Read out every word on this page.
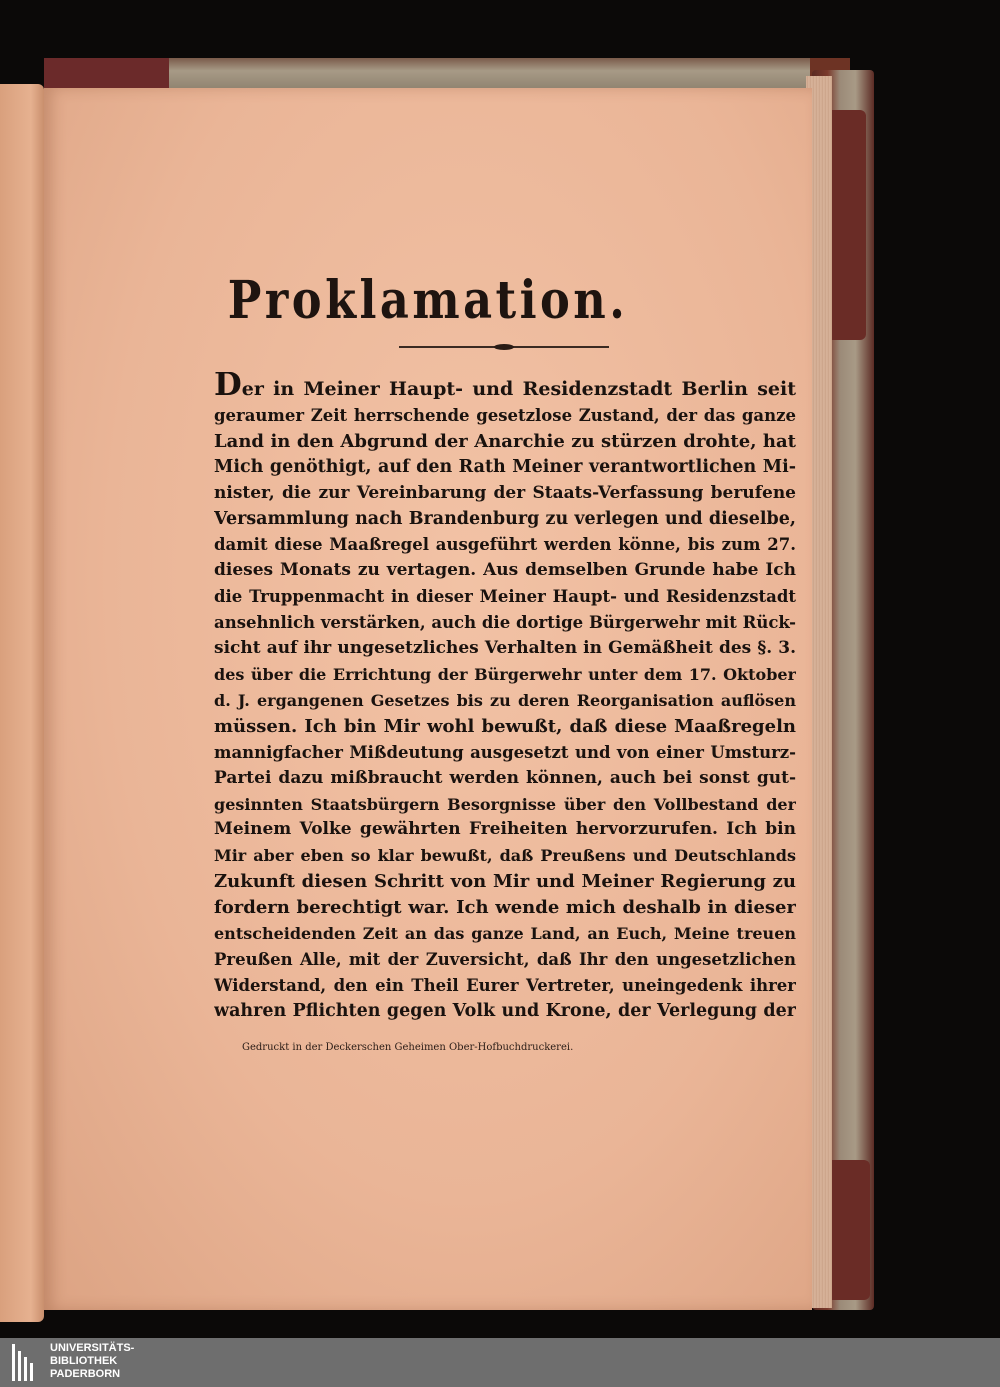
Proklamation.
Der in Meiner Haupt- und Residenzstadt Berlin seit
geraumer Zeit herrschende gesetzlose Zustand, der das ganze
Land in den Abgrund der Anarchie zu stürzen drohte, hat
Mich genöthigt, auf den Rath Meiner verantwortlichen Mi-
nister, die zur Vereinbarung der Staats-Verfassung berufene
Versammlung nach Brandenburg zu verlegen und dieselbe,
damit diese Maaßregel ausgeführt werden könne, bis zum 27.
dieses Monats zu vertagen. Aus demselben Grunde habe Ich
die Truppenmacht in dieser Meiner Haupt- und Residenzstadt
ansehnlich verstärken, auch die dortige Bürgerwehr mit Rück-
sicht auf ihr ungesetzliches Verhalten in Gemäßheit des §. 3.
des über die Errichtung der Bürgerwehr unter dem 17. Oktober
d. J. ergangenen Gesetzes bis zu deren Reorganisation auflösen
müssen. Ich bin Mir wohl bewußt, daß diese Maaßregeln
mannigfacher Mißdeutung ausgesetzt und von einer Umsturz-
Partei dazu mißbraucht werden können, auch bei sonst gut-
gesinnten Staatsbürgern Besorgnisse über den Vollbestand der
Meinem Volke gewährten Freiheiten hervorzurufen. Ich bin
Mir aber eben so klar bewußt, daß Preußens und Deutschlands
Zukunft diesen Schritt von Mir und Meiner Regierung zu
fordern berechtigt war. Ich wende mich deshalb in dieser
entscheidenden Zeit an das ganze Land, an Euch, Meine treuen
Preußen Alle, mit der Zuversicht, daß Ihr den ungesetzlichen
Widerstand, den ein Theil Eurer Vertreter, uneingedenk ihrer
wahren Pflichten gegen Volk und Krone, der Verlegung der

Gedruckt in der Deckerschen Geheimen Ober-Hofbuchdruckerei.

UNIVERSITÄTS-
BIBLIOTHEK
PADERBORN
